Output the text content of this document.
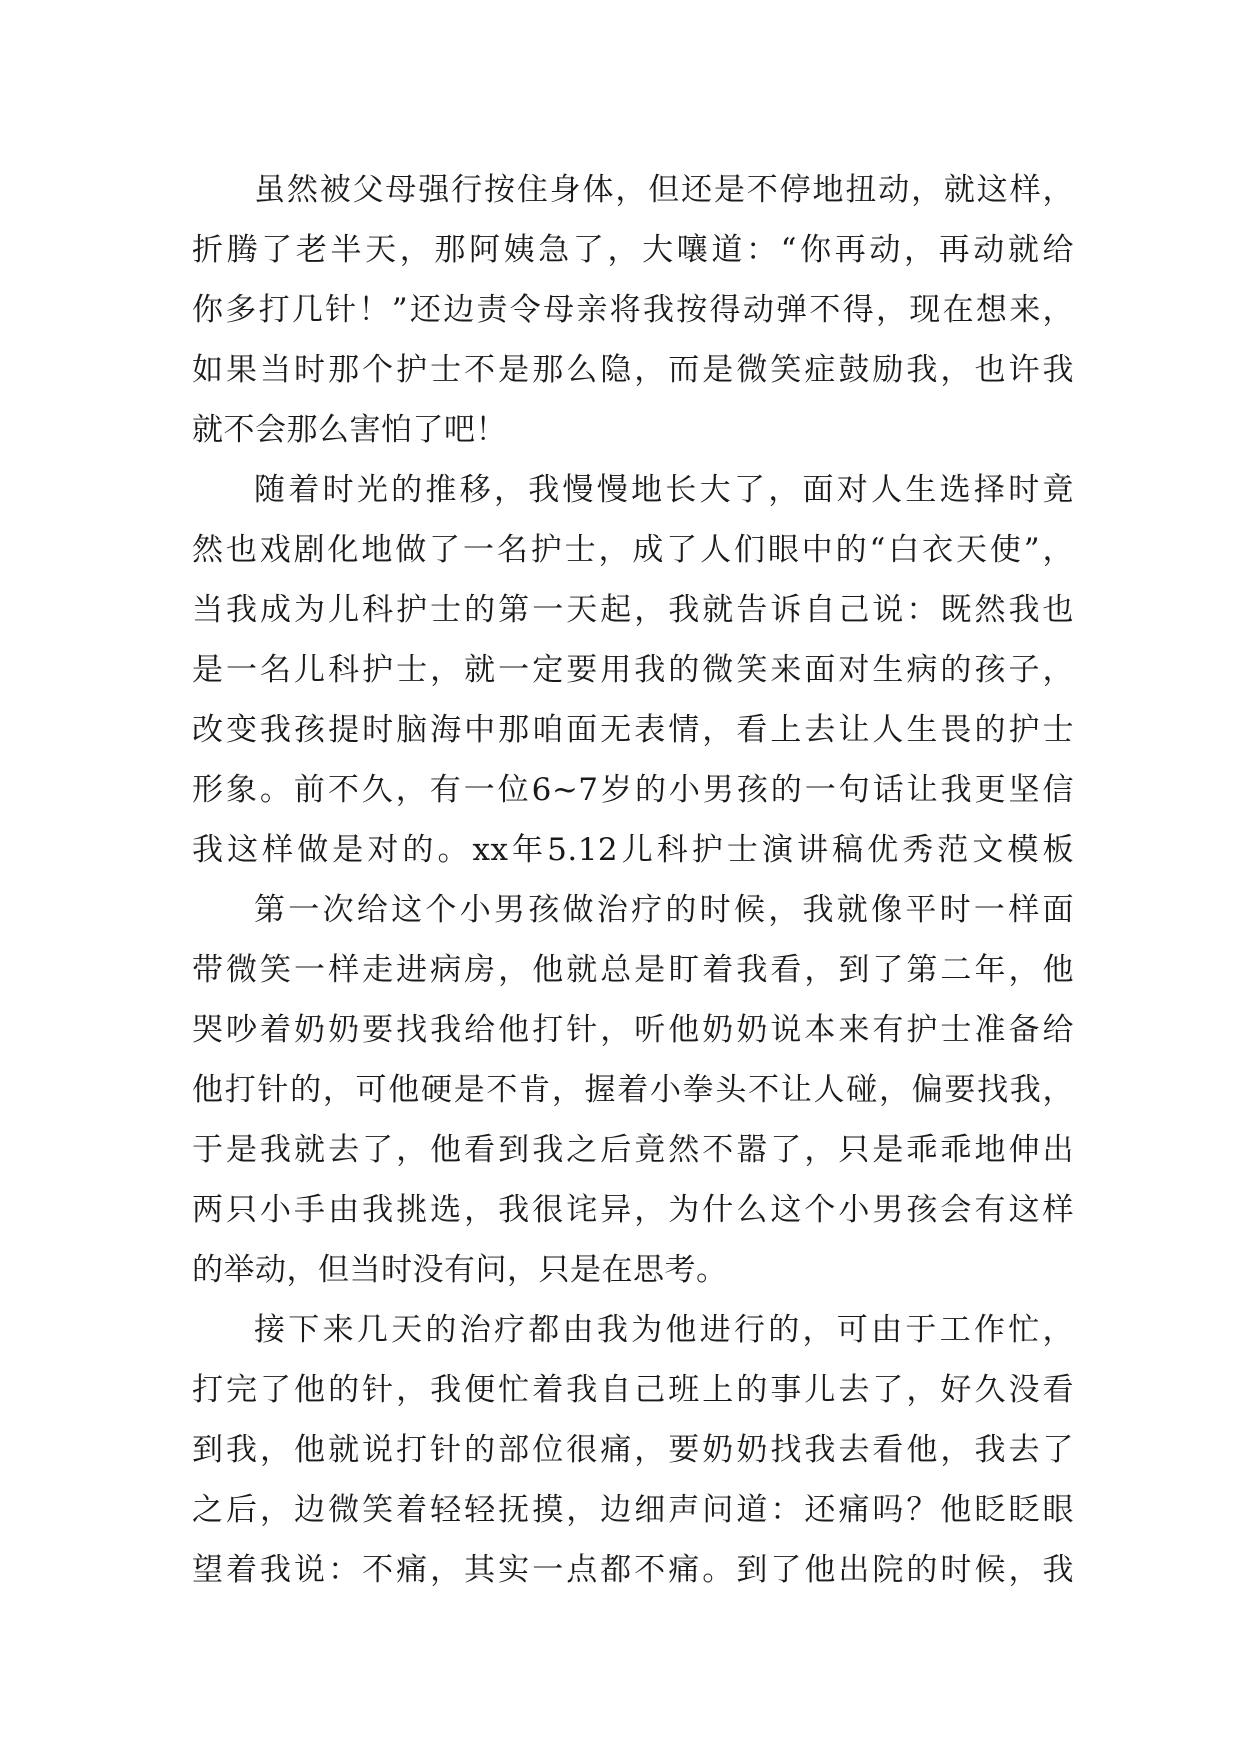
虽然被父母强行按住身体，但还是不停地扭动，就这样，
折腾了老半天，那阿姨急了，大嚷道：“你再动，再动就给
你多打几针！”还边责令母亲将我按得动弹不得，现在想来，
如果当时那个护士不是那么隐，而是微笑症鼓励我，也许我
就不会那么害怕了吧！
随着时光的推移，我慢慢地长大了，面对人生选择时竟
然也戏剧化地做了一名护士，成了人们眼中的“白衣天使”，
当我成为儿科护士的第一天起，我就告诉自己说：既然我也
是一名儿科护士，就一定要用我的微笑来面对生病的孩子，
改变我孩提时脑海中那咱面无表情，看上去让人生畏的护士
形象。前不久，有一位6~7岁的小男孩的一句话让我更坚信
我这样做是对的。xx年5.12儿科护士演讲稿优秀范文模板
第一次给这个小男孩做治疗的时候，我就像平时一样面
带微笑一样走进病房，他就总是盯着我看，到了第二年，他
哭吵着奶奶要找我给他打针，听他奶奶说本来有护士准备给
他打针的，可他硬是不肯，握着小拳头不让人碰，偏要找我，
于是我就去了，他看到我之后竟然不嚣了，只是乖乖地伸出
两只小手由我挑选，我很诧异，为什么这个小男孩会有这样
的举动，但当时没有问，只是在思考。
接下来几天的治疗都由我为他进行的，可由于工作忙，
打完了他的针，我便忙着我自己班上的事儿去了，好久没看
到我，他就说打针的部位很痛，要奶奶找我去看他，我去了
之后，边微笑着轻轻抚摸，边细声问道：还痛吗？他眨眨眼
望着我说：不痛，其实一点都不痛。到了他出院的时候，我
